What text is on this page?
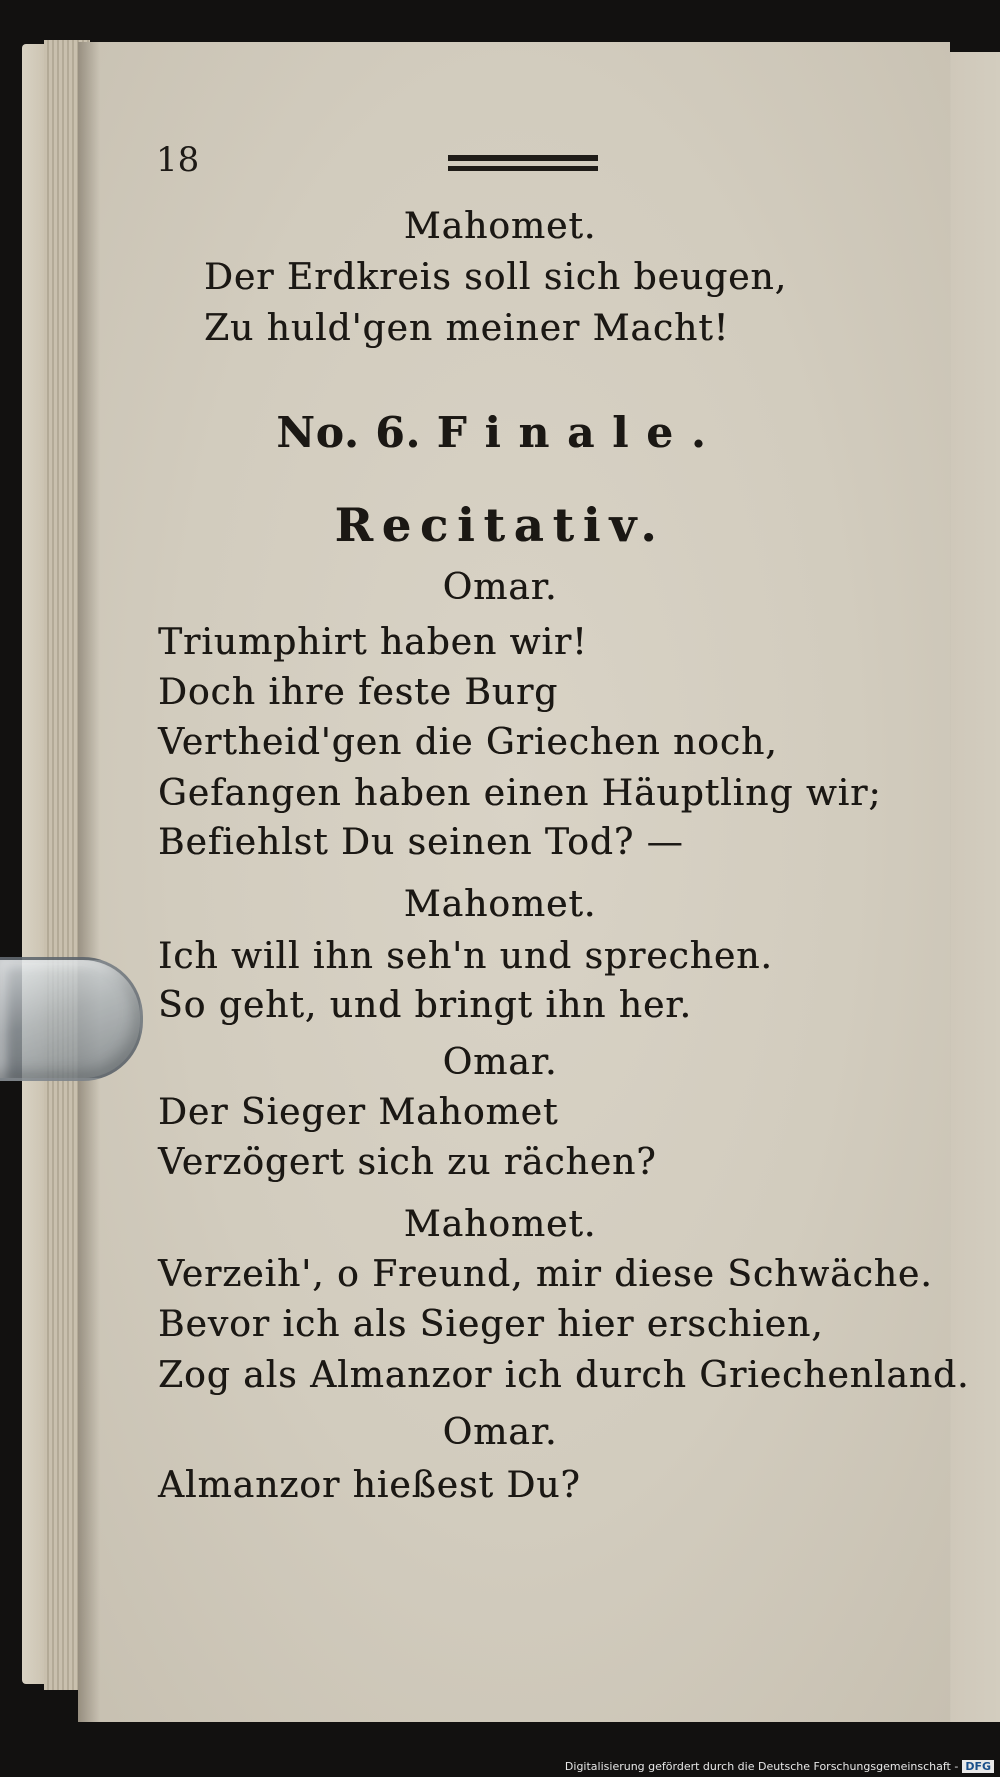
18
Mahomet.
Der Erdkreis soll sich beugen,
Zu huld'gen meiner Macht!
No. 6. Finale.
Recitativ.
Omar.
Triumphirt haben wir!
Doch ihre feste Burg
Vertheid'gen die Griechen noch,
Gefangen haben einen Häuptling wir;
Befiehlst Du seinen Tod? —
Mahomet.
Ich will ihn seh'n und sprechen.
So geht, und bringt ihn her.
Omar.
Der Sieger Mahomet
Verzögert sich zu rächen?
Mahomet.
Verzeih', o Freund, mir diese Schwäche.
Bevor ich als Sieger hier erschien,
Zog als Almanzor ich durch Griechenland.
Omar.
Almanzor hießest Du?
Digitalisierung gefördert durch die Deutsche Forschungsgemeinschaft - DFG
